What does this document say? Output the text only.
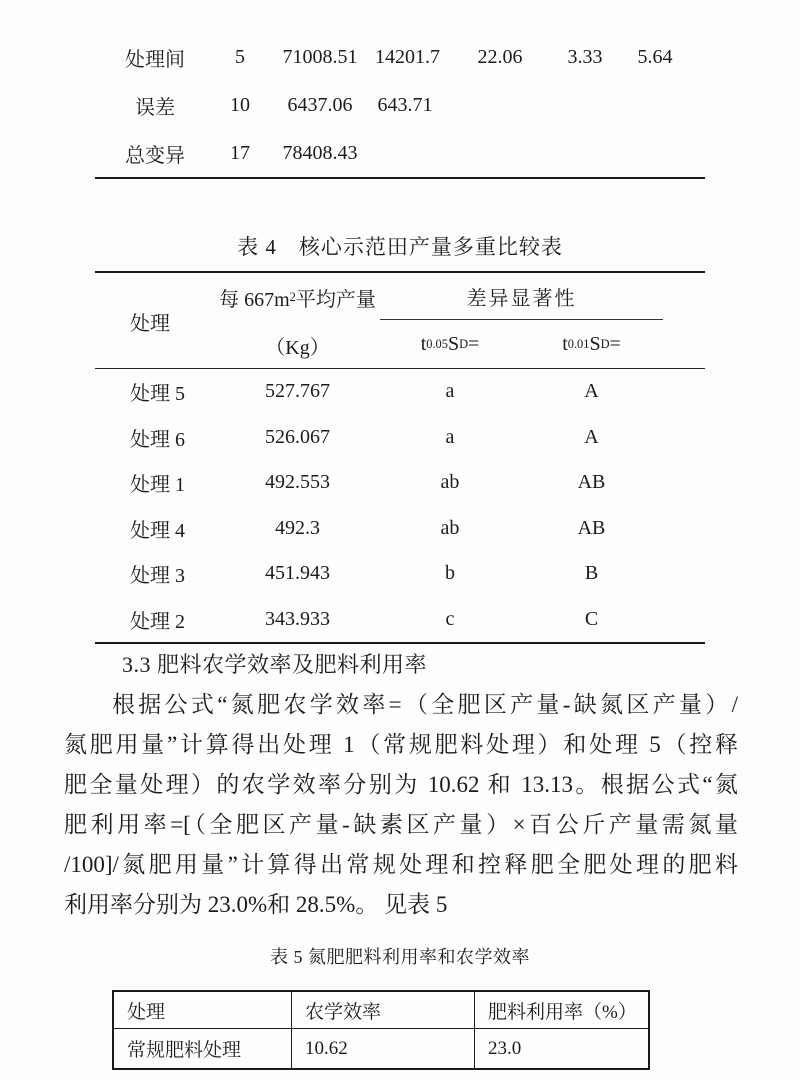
处理间	5	71008.51 14201.7	22.06	3.33	5.64
误差	10	6437.06	643.71
总变异	17	78408.43
表 4　核心示范田产量多重比较表
处理
每 667m 2 平均产量
（Kg）
差异显著性
t 0.05 S D =	t 0.01 S D =
处理 5	527.767	a	A
处理 6	526.067	a	A
处理 1	492.553	ab	AB
处理 4	492.3	ab	AB
处理 3	451.943	b	B
处理 2	343.933	c	C
3.3 肥料农学效率及肥料利用率
根据公式“氮肥农学效率=（全肥区产量-缺氮区产量）/
氮肥用量”计算得出处理 1（常规肥料处理）和处理 5（控释
肥全量处理）的农学效率分别为 10.62 和 13.13。根据公式“氮
肥利用率=[（全肥区产量-缺素区产量）×百公斤产量需氮量
/100]/氮肥用量”计算得出常规处理和控释肥全肥处理的肥料
利用率分别为 23.0%和 28.5%。 见表 5
表 5 氮肥肥料利用率和农学效率
处理	农学效率	肥料利用率（%）
常规肥料处理	10.62	23.0
